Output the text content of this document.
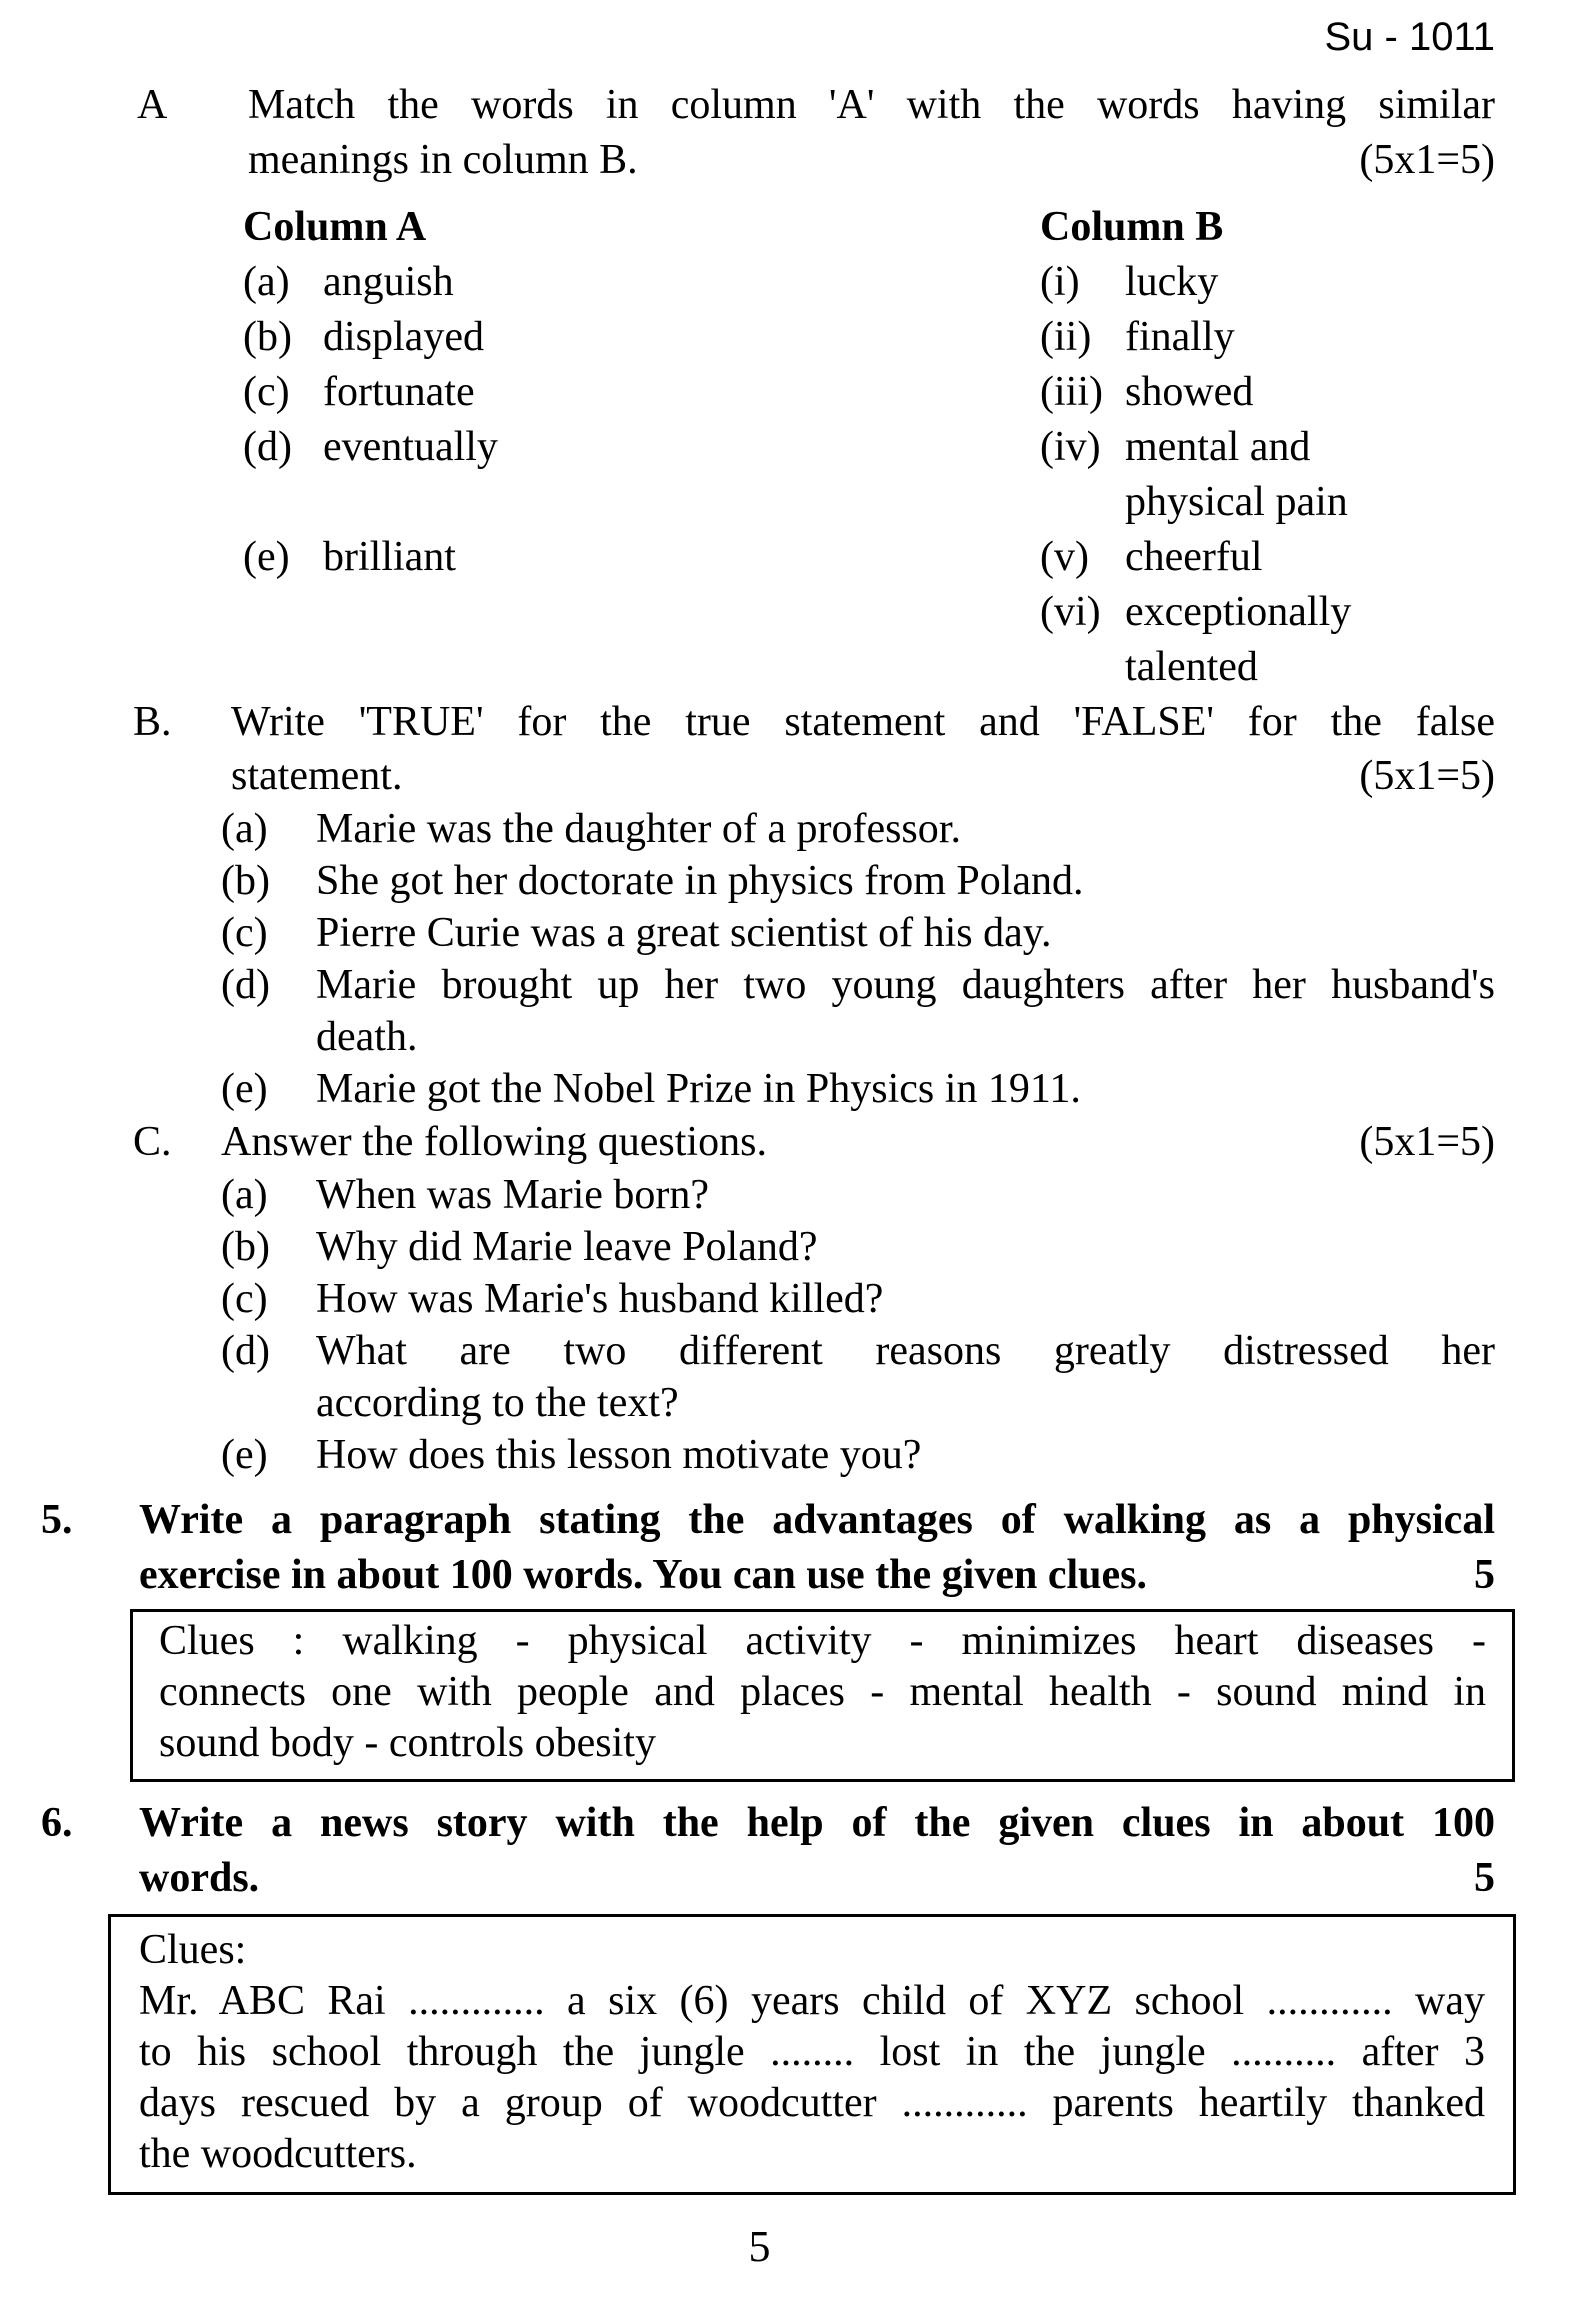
Su - 1011
A	Match the words in column 'A' with the words having similar
meanings in column B.	(5x1=5)
Column A	Column B
(a) anguish	(i)	lucky
(b) displayed	(ii) finally
(c) fortunate	(iii) showed
(d) eventually	(iv) mental and
physical pain
(e) brilliant	(v) cheerful
(vi) exceptionally
talented
B.	Write 'TRUE' for the true statement and 'FALSE' for the false
statement.	(5x1=5)
(a)	Marie was the daughter of a professor.
(b)	She got her doctorate in physics from Poland.
(c)	Pierre Curie was a great scientist of his day.
(d)	Marie brought up her two young daughters after her husband's
death.
(e)	Marie got the Nobel Prize in Physics in 1911.
C.	Answer the following questions.	(5x1=5)
(a)	When was Marie born?
(b)	Why did Marie leave Poland?
(c)	How was Marie's husband killed?
(d)	What are two different reasons greatly distressed her
according to the text?
(e)	How does this lesson motivate you?
5.	Write a paragraph stating the advantages of walking as a physical
exercise in about 100 words. You can use the given clues.	5
Clues : walking - physical activity - minimizes heart diseases -
connects one with people and places - mental health - sound mind in
sound body - controls obesity
6.	Write a news story with the help of the given clues in about 100
words.	5
Clues:
Mr. ABC Rai ............. a six (6) years child of XYZ school ............ way
to his school through the jungle ........ lost in the jungle .......... after 3
days rescued by a group of woodcutter ............ parents heartily thanked
the woodcutters.
5
